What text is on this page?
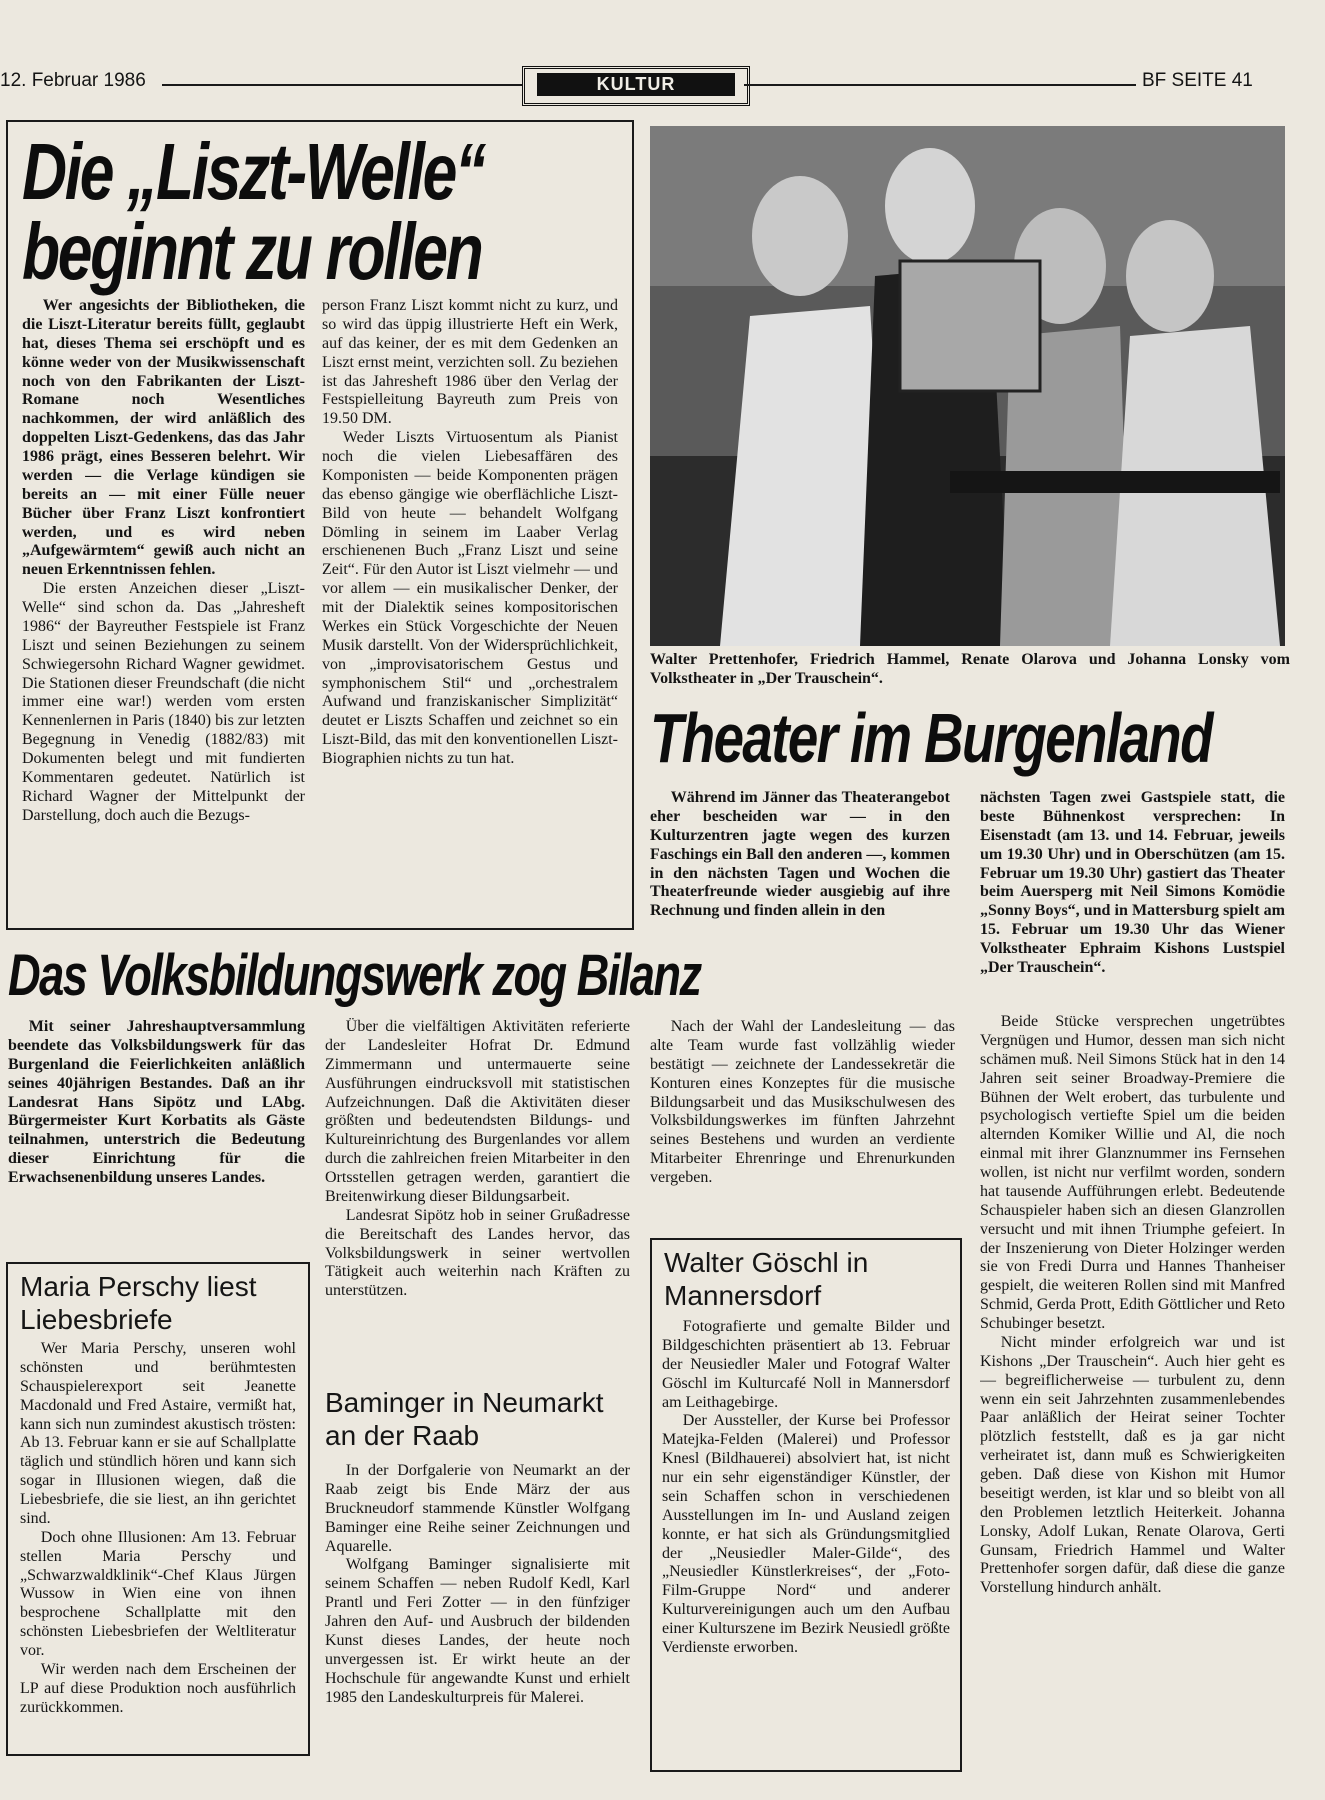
12. Februar 1986	KULTUR	BF SEITE 41
Die „Liszt-Welle“
beginnt zu rollen

Wer angesichts der Bibliotheken, die die Liszt-Literatur bereits füllt, geglaubt hat, dieses Thema sei erschöpft und es könne weder von der Musikwissenschaft noch von den Fabrikanten der Liszt-Romane noch Wesentliches nachkommen, der wird anläßlich des doppelten Liszt-Gedenkens, das das Jahr 1986 prägt, eines Besseren belehrt. Wir werden — die Verlage kündigen sie bereits an — mit einer Fülle neuer Bücher über Franz Liszt konfrontiert werden, und es wird neben „Aufgewärmtem“ gewiß auch nicht an neuen Erkenntnissen fehlen.

Die ersten Anzeichen dieser „Liszt-Welle“ sind schon da. Das „Jahresheft 1986“ der Bayreuther Festspiele ist Franz Liszt und seinen Beziehungen zu seinem Schwiegersohn Richard Wagner gewidmet. Die Stationen dieser Freundschaft (die nicht immer eine war!) werden vom ersten Kennenlernen in Paris (1840) bis zur letzten Begegnung in Venedig (1882/83) mit Dokumenten belegt und mit fundierten Kommentaren gedeutet. Natürlich ist Richard Wagner der Mittelpunkt der Darstellung, doch auch die Bezugs-

person Franz Liszt kommt nicht zu kurz, und so wird das üppig illustrierte Heft ein Werk, auf das keiner, der es mit dem Gedenken an Liszt ernst meint, verzichten soll. Zu beziehen ist das Jahresheft 1986 über den Verlag der Festspielleitung Bayreuth zum Preis von 19.50 DM.

Weder Liszts Virtuosentum als Pianist noch die vielen Liebesaffären des Komponisten — beide Komponenten prägen das ebenso gängige wie oberflächliche Liszt-Bild von heute — behandelt Wolfgang Dömling in seinem im Laaber Verlag erschienenen Buch „Franz Liszt und seine Zeit“. Für den Autor ist Liszt vielmehr — und vor allem — ein musikalischer Denker, der mit der Dialektik seines kompositorischen Werkes ein Stück Vorgeschichte der Neuen Musik darstellt. Von der Widersprüchlichkeit, von „improvisatorischem Gestus und symphonischem Stil“ und „orchestralem Aufwand und franziskanischer Simplizität“ deutet er Liszts Schaffen und zeichnet so ein Liszt-Bild, das mit den konventionellen Liszt-Biographien nichts zu tun hat.

Walter Prettenhofer, Friedrich Hammel, Renate Olarova und Johanna Lonsky vom Volkstheater in „Der Trauschein“.
Theater im Burgenland

Während im Jänner das Theaterangebot eher bescheiden war — in den Kulturzentren jagte wegen des kurzen Faschings ein Ball den anderen —, kommen in den nächsten Tagen und Wochen die Theaterfreunde wieder ausgiebig auf ihre Rechnung und finden allein in den

nächsten Tagen zwei Gastspiele statt, die beste Bühnenkost versprechen: In Eisenstadt (am 13. und 14. Februar, jeweils um 19.30 Uhr) und in Oberschützen (am 15. Februar um 19.30 Uhr) gastiert das Theater beim Auersperg mit Neil Simons Komödie „Sonny Boys“, und in Mattersburg spielt am 15. Februar um 19.30 Uhr das Wiener Volkstheater Ephraim Kishons Lustspiel „Der Trauschein“.

Beide Stücke versprechen ungetrübtes Vergnügen und Humor, dessen man sich nicht schämen muß. Neil Simons Stück hat in den 14 Jahren seit seiner Broadway-Premiere die Bühnen der Welt erobert, das turbulente und psychologisch vertiefte Spiel um die beiden alternden Komiker Willie und Al, die noch einmal mit ihrer Glanznummer ins Fernsehen wollen, ist nicht nur verfilmt worden, sondern hat tausende Aufführungen erlebt. Bedeutende Schauspieler haben sich an diesen Glanzrollen versucht und mit ihnen Triumphe gefeiert. In der Inszenierung von Dieter Holzinger werden sie von Fredi Durra und Hannes Thanheiser gespielt, die weiteren Rollen sind mit Manfred Schmid, Gerda Prott, Edith Göttlicher und Reto Schubinger besetzt.

Nicht minder erfolgreich war und ist Kishons „Der Trauschein“. Auch hier geht es — begreiflicherweise — turbulent zu, denn wenn ein seit Jahrzehnten zusammenlebendes Paar anläßlich der Heirat seiner Tochter plötzlich feststellt, daß es ja gar nicht verheiratet ist, dann muß es Schwierigkeiten geben. Daß diese von Kishon mit Humor beseitigt werden, ist klar und so bleibt von all den Problemen letztlich Heiterkeit. Johanna Lonsky, Adolf Lukan, Renate Olarova, Gerti Gunsam, Friedrich Hammel und Walter Prettenhofer sorgen dafür, daß diese die ganze Vorstellung hindurch anhält.

Das Volksbildungswerk zog Bilanz

Mit seiner Jahreshauptversammlung beendete das Volksbildungswerk für das Burgenland die Feierlichkeiten anläßlich seines 40jährigen Bestandes. Daß an ihr Landesrat Hans Sipötz und LAbg. Bürgermeister Kurt Korbatits als Gäste teilnahmen, unterstrich die Bedeutung dieser Einrichtung für die Erwachsenenbildung unseres Landes.

Über die vielfältigen Aktivitäten referierte der Landesleiter Hofrat Dr. Edmund Zimmermann und untermauerte seine Ausführungen eindrucksvoll mit statistischen Aufzeichnungen. Daß die Aktivitäten dieser größten und bedeutendsten Bildungs- und Kultureinrichtung des Burgenlandes vor allem durch die zahlreichen freien Mitarbeiter in den Ortsstellen getragen werden, garantiert die Breitenwirkung dieser Bildungsarbeit.

Landesrat Sipötz hob in seiner Grußadresse die Bereitschaft des Landes hervor, das Volksbildungswerk in seiner wertvollen Tätigkeit auch weiterhin nach Kräften zu unterstützen.

Nach der Wahl der Landesleitung — das alte Team wurde fast vollzählig wieder bestätigt — zeichnete der Landessekretär die Konturen eines Konzeptes für die musische Bildungsarbeit und das Musikschulwesen des Volksbildungswerkes im fünften Jahrzehnt seines Bestehens und wurden an verdiente Mitarbeiter Ehrenringe und Ehrenurkunden vergeben.

Maria Perschy liest Liebesbriefe

Wer Maria Perschy, unseren wohl schönsten und berühmtesten Schauspielerexport seit Jeanette Macdonald und Fred Astaire, vermißt hat, kann sich nun zumindest akustisch trösten: Ab 13. Februar kann er sie auf Schallplatte täglich und stündlich hören und kann sich sogar in Illusionen wiegen, daß die Liebesbriefe, die sie liest, an ihn gerichtet sind.

Doch ohne Illusionen: Am 13. Februar stellen Maria Perschy und „Schwarzwaldklinik“-Chef Klaus Jürgen Wussow in Wien eine von ihnen besprochene Schallplatte mit den schönsten Liebesbriefen der Weltliteratur vor.

Wir werden nach dem Erscheinen der LP auf diese Produktion noch ausführlich zurückkommen.

Baminger in Neumarkt an der Raab

In der Dorfgalerie von Neumarkt an der Raab zeigt bis Ende März der aus Bruckneudorf stammende Künstler Wolfgang Baminger eine Reihe seiner Zeichnungen und Aquarelle.

Wolfgang Baminger signalisierte mit seinem Schaffen — neben Rudolf Kedl, Karl Prantl und Feri Zotter — in den fünfziger Jahren den Auf- und Ausbruch der bildenden Kunst dieses Landes, der heute noch unvergessen ist. Er wirkt heute an der Hochschule für angewandte Kunst und erhielt 1985 den Landeskulturpreis für Malerei.

Walter Göschl in Mannersdorf

Fotografierte und gemalte Bilder und Bildgeschichten präsentiert ab 13. Februar der Neusiedler Maler und Fotograf Walter Göschl im Kulturcafé Noll in Mannersdorf am Leithagebirge.

Der Aussteller, der Kurse bei Professor Matejka-Felden (Malerei) und Professor Knesl (Bildhauerei) absolviert hat, ist nicht nur ein sehr eigenständiger Künstler, der sein Schaffen schon in verschiedenen Ausstellungen im In- und Ausland zeigen konnte, er hat sich als Gründungsmitglied der „Neusiedler Maler-Gilde“, des „Neusiedler Künstlerkreises“, der „Foto-Film-Gruppe Nord“ und anderer Kulturvereinigungen auch um den Aufbau einer Kulturszene im Bezirk Neusiedl größte Verdienste erworben.
